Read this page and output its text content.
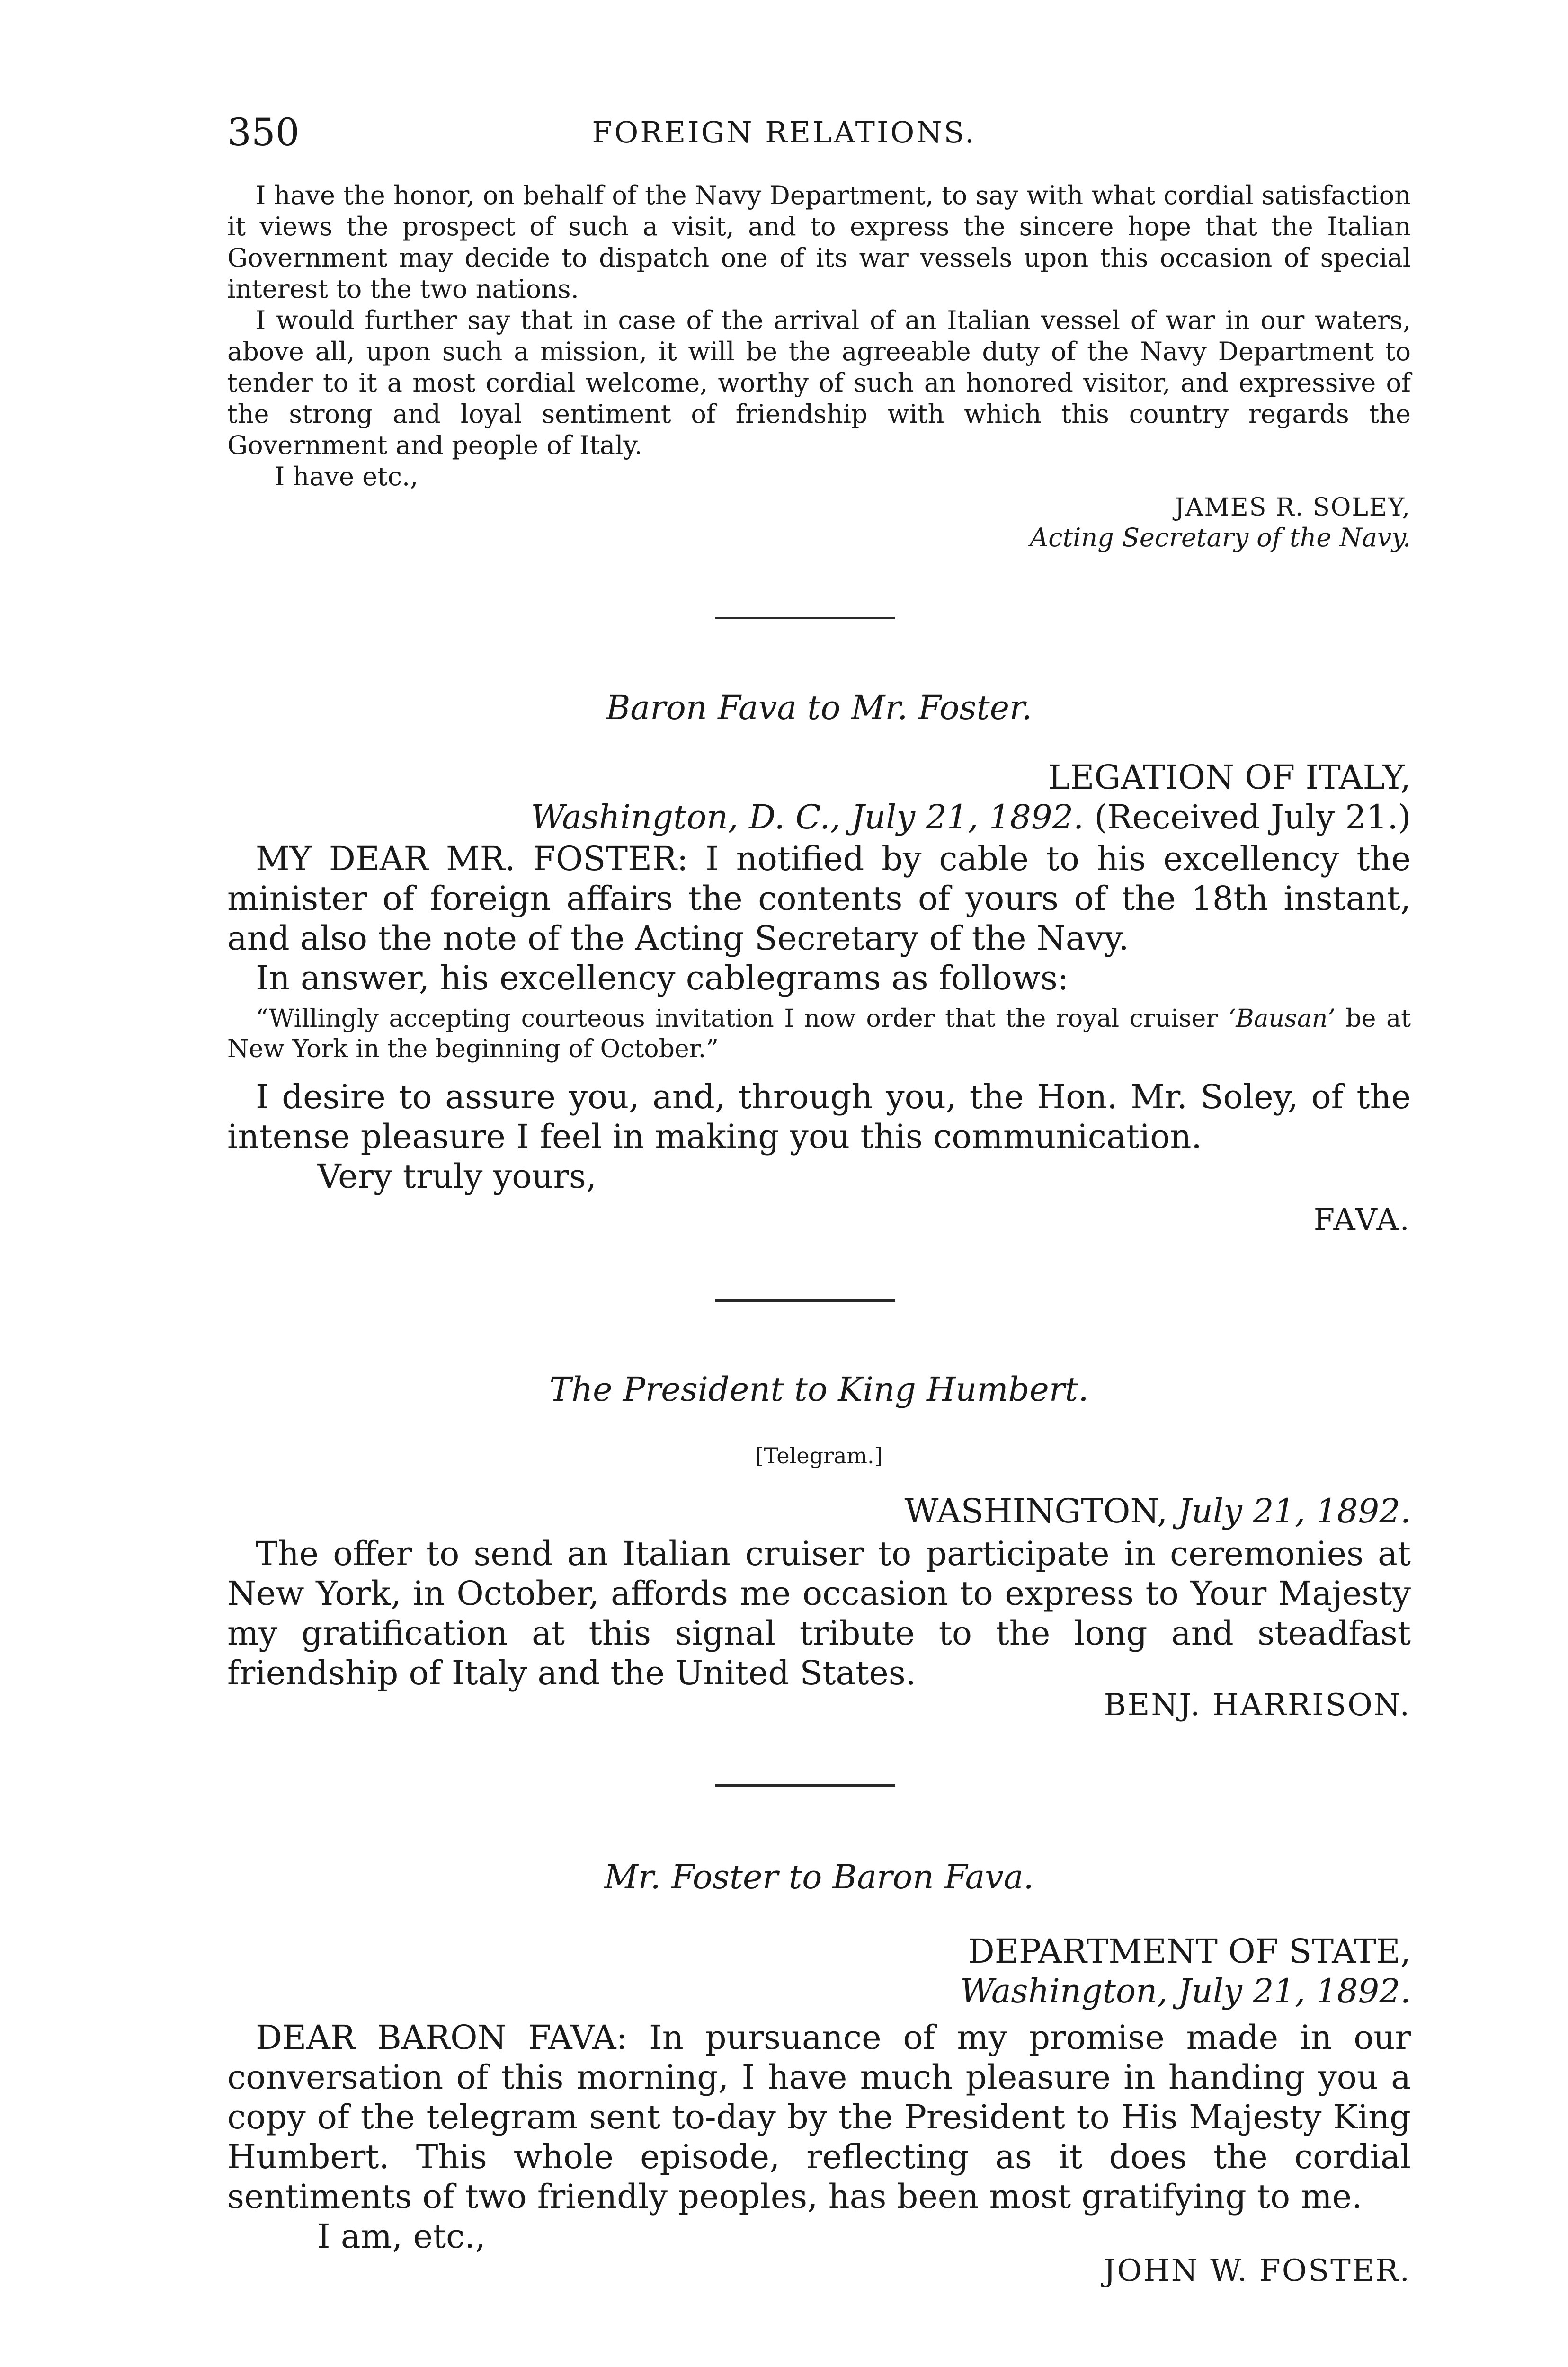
350	FOREIGN RELATIONS.

I have the honor, on behalf of the Navy Department, to say with what cordial satisfaction it views the prospect of such a visit, and to express the sincere hope that the Italian Government may decide to dispatch one of its war vessels upon this occasion of special interest to the two nations.

I would further say that in case of the arrival of an Italian vessel of war in our waters, above all, upon such a mission, it will be the agreeable duty of the Navy Department to tender to it a most cordial welcome, worthy of such an honored visitor, and expressive of the strong and loyal sentiment of friendship with which this country regards the Government and people of Italy.

I have etc.,
JAMES R. SOLEY,
Acting Secretary of the Navy.
Baron Fava to Mr. Foster.
LEGATION OF ITALY,
Washington, D. C., July 21, 1892. (Received July 21.)

MY DEAR MR. FOSTER: I notified by cable to his excellency the minister of foreign affairs the contents of yours of the 18th instant, and also the note of the Acting Secretary of the Navy.

In answer, his excellency cablegrams as follows:

“Willingly accepting courteous invitation I now order that the royal cruiser ‘Bausan’ be at New York in the beginning of October.”

I desire to assure you, and, through you, the Hon. Mr. Soley, of the intense pleasure I feel in making you this communication.

Very truly yours,
FAVA.
The President to King Humbert.
[Telegram.]
WASHINGTON, July 21, 1892.

The offer to send an Italian cruiser to participate in ceremonies at New York, in October, affords me occasion to express to Your Majesty my gratification at this signal tribute to the long and steadfast friendship of Italy and the United States.

BENJ. HARRISON.
Mr. Foster to Baron Fava.
DEPARTMENT OF STATE,
Washington, July 21, 1892.

DEAR BARON FAVA: In pursuance of my promise made in our conversation of this morning, I have much pleasure in handing you a copy of the telegram sent to-day by the President to His Majesty King Humbert. This whole episode, reflecting as it does the cordial sentiments of two friendly peoples, has been most gratifying to me.

I am, etc.,
JOHN W. FOSTER.
